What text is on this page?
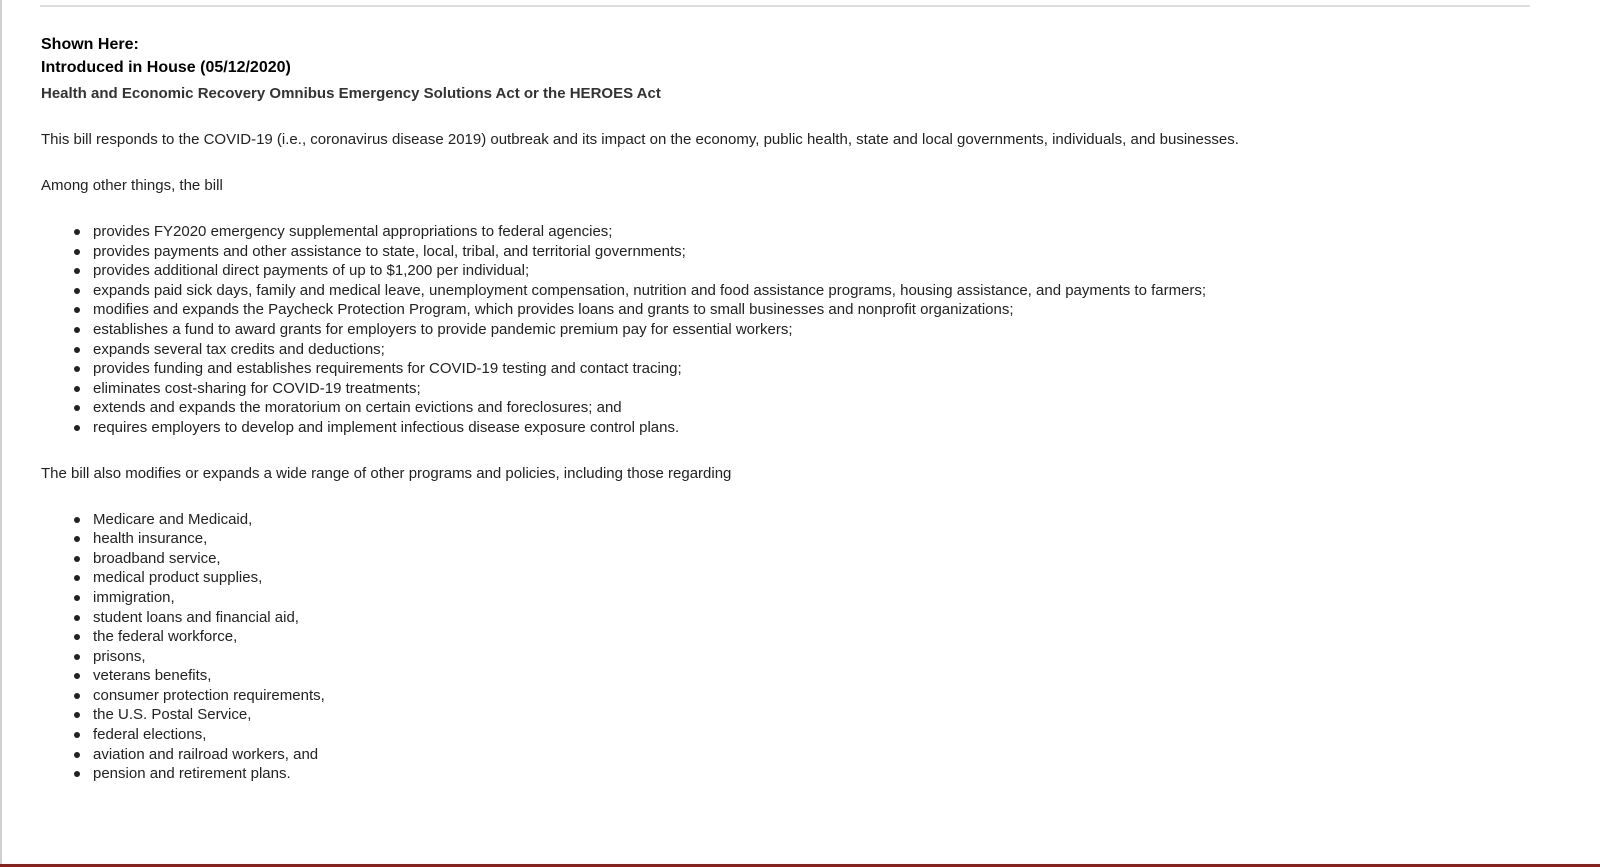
Shown Here:
Introduced in House (05/12/2020)
Health and Economic Recovery Omnibus Emergency Solutions Act or the HEROES Act

This bill responds to the COVID-19 (i.e., coronavirus disease 2019) outbreak and its impact on the economy, public health, state and local governments, individuals, and businesses.

Among other things, the bill

provides FY2020 emergency supplemental appropriations to federal agencies;
provides payments and other assistance to state, local, tribal, and territorial governments;
provides additional direct payments of up to $1,200 per individual;
expands paid sick days, family and medical leave, unemployment compensation, nutrition and food assistance programs, housing assistance, and payments to farmers;
modifies and expands the Paycheck Protection Program, which provides loans and grants to small businesses and nonprofit organizations;
establishes a fund to award grants for employers to provide pandemic premium pay for essential workers;
expands several tax credits and deductions;
provides funding and establishes requirements for COVID-19 testing and contact tracing;
eliminates cost-sharing for COVID-19 treatments;
extends and expands the moratorium on certain evictions and foreclosures; and
requires employers to develop and implement infectious disease exposure control plans.

The bill also modifies or expands a wide range of other programs and policies, including those regarding

Medicare and Medicaid,
health insurance,
broadband service,
medical product supplies,
immigration,
student loans and financial aid,
the federal workforce,
prisons,
veterans benefits,
consumer protection requirements,
the U.S. Postal Service,
federal elections,
aviation and railroad workers, and
pension and retirement plans.
